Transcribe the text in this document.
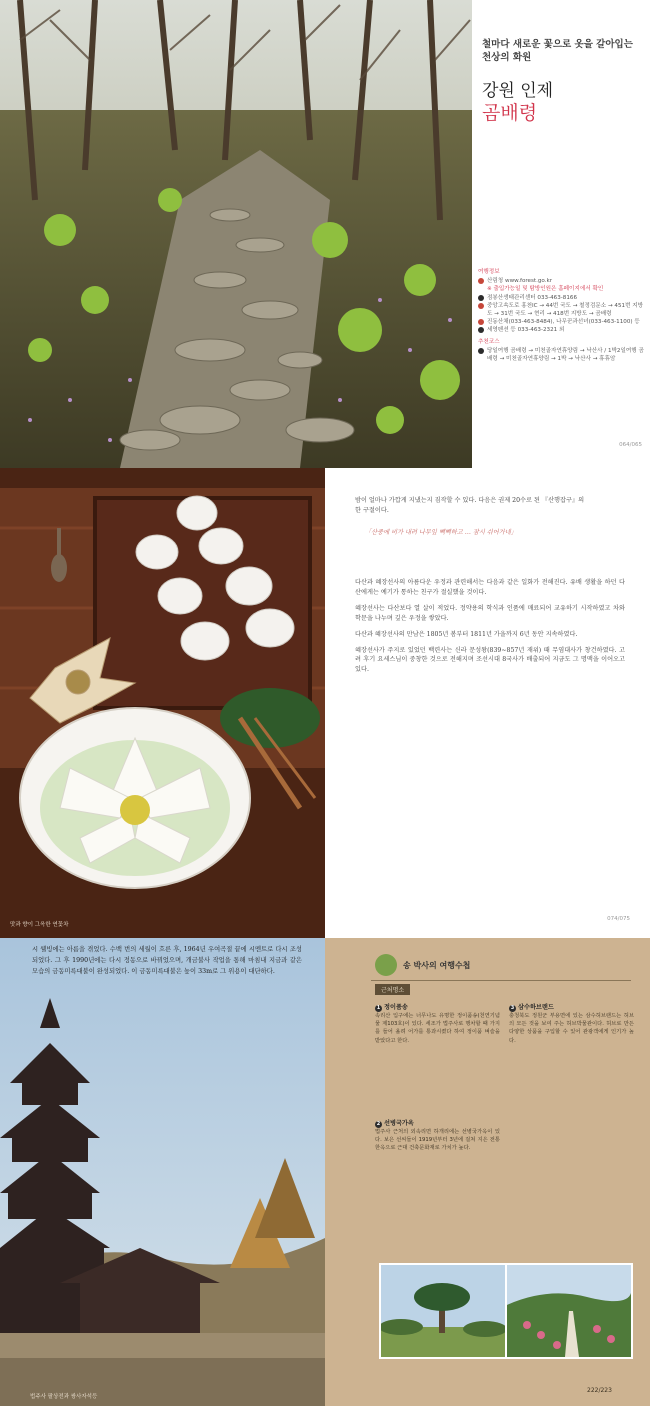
철마다 새로운 꽃으로 옷을 갈아입는 천상의 화원
강원 인제
곰배령
여행정보
산림청 www.forest.go.kr
※ 출입가능일 및 탐방인원은 홈페이지에서 확인
점봉산생태관리센터 033-463-8166
중앙고속도로 홍천IC → 44번 국도 → 철정검문소 → 451번 지방도 → 31번 국도 → 현리 → 418번 지방도 → 곰배령
진동산채(033-463-8484), 나무꾼과선녀(033-463-1100) 등
세영펜션 등 033-463-2321 외
추천코스
당일여행 곰배령 → 미천골자연휴양림 → 낙산사 / 1박2일여행 곰배령 → 미천골자연휴양림 → 1박 → 낙산사 → 휴휴암
064/065
맛과 향이 그윽한 연꽃차
밤이 얼마나 가깝게 지냈는지 짐작할 수 있다. 다음은 권제 20수로 된 『산행잡구』의
한 구절이다.
「산중에 비가 내려 나무잎 빽빽하고 … 잠시 쉬어가네」

다산과 혜장선사의 아름다운 우정과 관련해서는 다음과 같은 일화가 전해진다. 유배 생활을 하던 다산에게는 예기가 통하는 친구가 절실했을 것이다.

혜장선사는 다산보다 열 살이 적었다. 정약용의 학식과 인품에 매료되어 교유하기 시작하였고 차와 학문을 나누며 깊은 우정을 쌓았다.

다산과 혜장선사의 만남은 1805년 봄부터 1811년 가을까지 6년 동안 지속하였다.

혜장선사가 주지로 있었던 백련사는 신라 문성왕(839~857년 재위) 때 무염대사가 창건하였다. 고려 후기 요세스님이 중창한 것으로 전해지며 조선시대 8국사가 배출되어 지금도 그 명맥을 이어오고 있다.

074/075
시 웰빙에는 아름을 겪었다. 수백 번의 세월이 흐른 후, 1964년 우여곡절 끝에 시멘트로 다시 조성되었다. 그 후 1990년에는 다시 정동으로 바꿔었으며, 개금불사 작업을 통해 마침내 지금과 같은 모습의 금동미륵대불이 완성되었다. 이 금동미륵대불은 높이 33m로 그 위용이 대단하다.
법주사 팔상전과 쌍사자석등
송 박사의 여행수첩
근처명소
1 정이품송
속리산 입구에는 너무나도 유명한 정이품송(천연기념물 제103호)이 있다. 세조가 법주사로 행차할 때 가지를 들어 올려 어가를 통과시켰다 하여 정이품 벼슬을 받았다고 한다.
2 선병국가옥
법주사 근처의 외속리면 하개리에는 선병국가옥이 있다. 보은 선씨들이 1919년부터 3년에 걸쳐 지은 전통 한옥으로 근대 건축문화재로 가치가 높다.
3 삼수하브랜드
충청북도 정원군 부용면에 있는 삼수허브랜드는 허브의 모든 것을 보여 주는 허브박물관이다. 허브로 만든 다양한 상품을 구입할 수 있어 관광객에게 인기가 높다.
222/223
